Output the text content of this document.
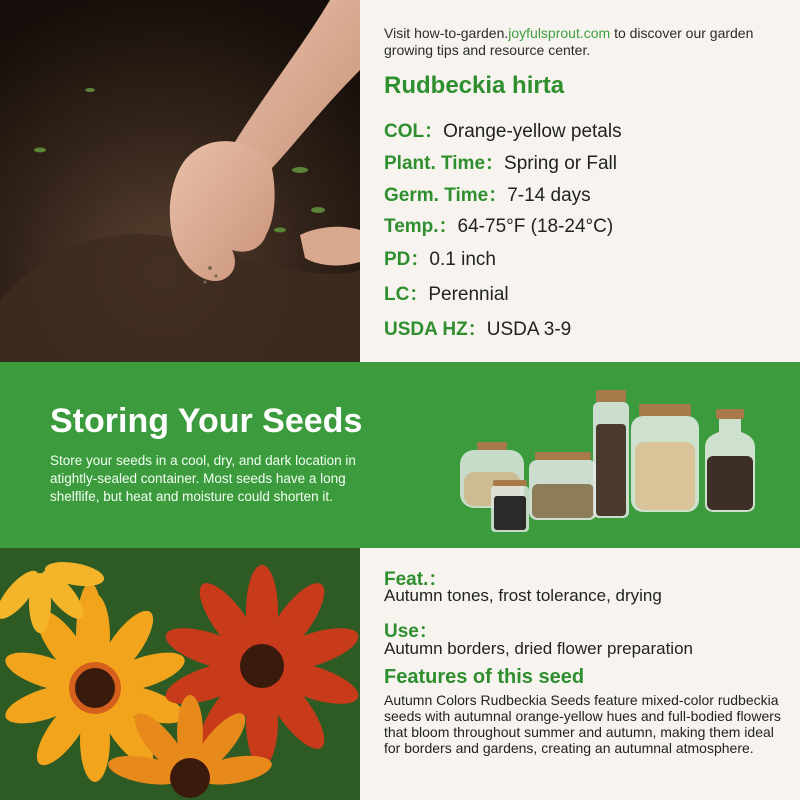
Visit how-to-garden.joyfulsprout.com to discover our garden growing tips and resource center.
Rudbeckia hirta
COL：Orange-yellow petals
Plant. Time：Spring or Fall
Germ. Time：7-14 days
Temp.：64-75°F (18-24°C)
PD：0.1 inch
LC：Perennial
USDA HZ：USDA 3-9
Storing Your Seeds
Store your seeds in a cool, dry, and dark location in atightly-sealed container. Most seeds have a long shelflife, but heat and moisture could shorten it.
Feat.：
Autumn tones, frost tolerance, drying
Use：
Autumn borders, dried flower preparation
Features of this seed
Autumn Colors Rudbeckia Seeds feature mixed-color rudbeckia seeds with autumnal orange-yellow hues and full-bodied flowers that bloom throughout summer and autumn, making them ideal for borders and gardens, creating an autumnal atmosphere.
